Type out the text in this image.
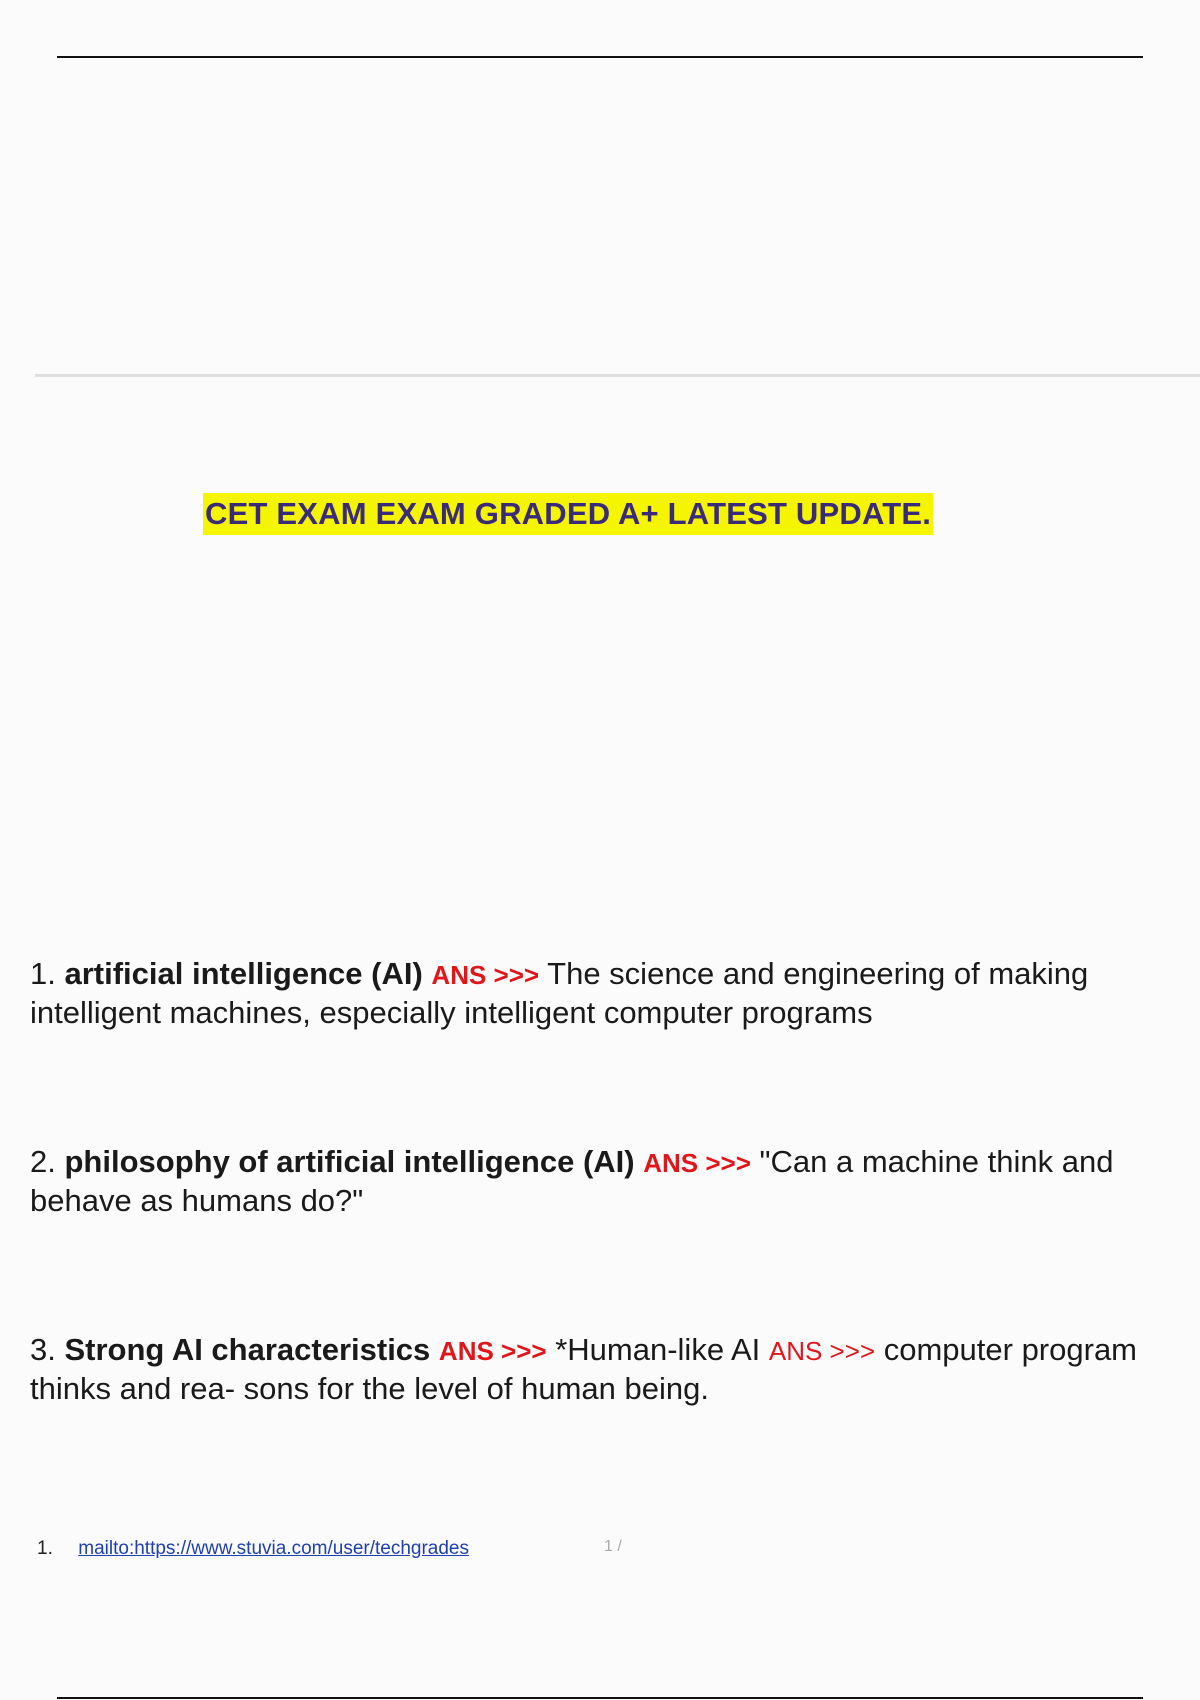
CET EXAM EXAM GRADED A+ LATEST UPDATE.
1. artificial intelligence (AI) ANS >>> The science and engineering of making
intelligent machines, especially intelligent computer programs
2. philosophy of artificial intelligence (AI) ANS >>> "Can a machine think and
behave as humans do?"
3. Strong AI characteristics ANS >>> *Human-like AI ANS >>> computer program
thinks and rea- sons for the level of human being.
1. mailto:https://www.stuvia.com/user/techgrades	1 /
